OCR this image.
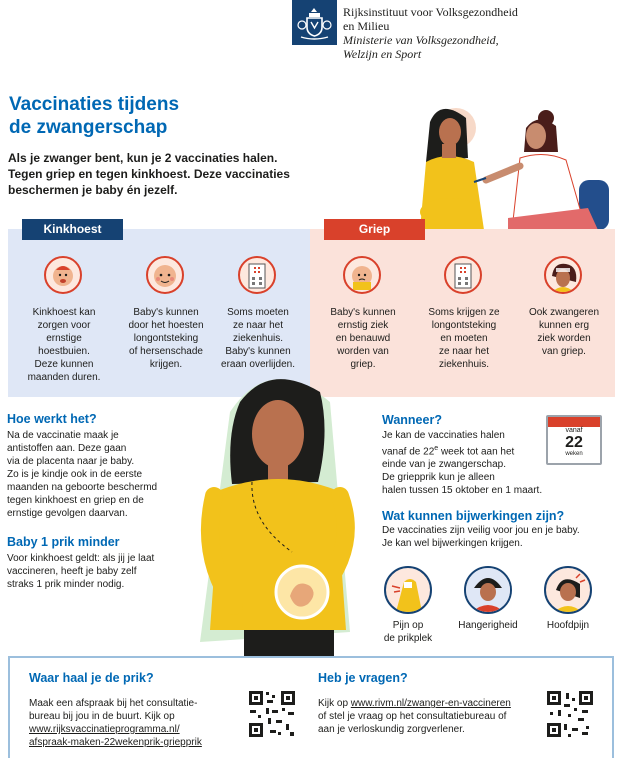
Rijksinstituut voor Volksgezondheid
en Milieu
Ministerie van Volksgezondheid,
Welzijn en Sport
Vaccinaties tijdens
de zwangerschap
Als je zwanger bent, kun je 2 vaccinaties halen.
Tegen griep en tegen kinkhoest. Deze vaccinaties
beschermen je baby én jezelf.
Kinkhoest	Griep
Kinkhoest kan
zorgen voor
ernstige
hoestbuien.
Deze kunnen
maanden duren.
Baby's kunnen
door het hoesten
longontsteking
of hersenschade
krijgen.
Soms moeten
ze naar het
ziekenhuis.
Baby's kunnen
eraan overlijden.
Baby's kunnen
ernstig ziek
en benauwd
worden van
griep.
Soms krijgen ze
longontsteking
en moeten
ze naar het
ziekenhuis.
Ook zwangeren
kunnen erg
ziek worden
van griep.
Hoe werkt het?
Na de vaccinatie maak je
antistoffen aan. Deze gaan
via de placenta naar je baby.
Zo is je kindje ook in de eerste
maanden na geboorte beschermd
tegen kinkhoest en griep en de
ernstige gevolgen daarvan.
Baby 1 prik minder
Voor kinkhoest geldt: als jij je laat
vaccineren, heeft je baby zelf
straks 1 prik minder nodig.
Wanneer?
Je kan de vaccinaties halen
vanaf de 22e week tot aan het
einde van je zwangerschap.
De griepprik kun je alleen
halen tussen 15 oktober en 1 maart.
vanaf
22
weken
Wat kunnen bijwerkingen zijn?
De vaccinaties zijn veilig voor jou en je baby.
Je kan wel bijwerkingen krijgen.
Pijn op
de prikplek
Hangerigheid	Hoofdpijn
Waar haal je de prik?
Maak een afspraak bij het consultatie-
bureau bij jou in de buurt. Kijk op
www.rijksvaccinatieprogramma.nl/
afspraak-maken-22wekenprik-griepprik
Heb je vragen?
Kijk op www.rivm.nl/zwanger-en-vaccineren
of stel je vraag op het consultatiebureau of
aan je verloskundig zorgverlener.
